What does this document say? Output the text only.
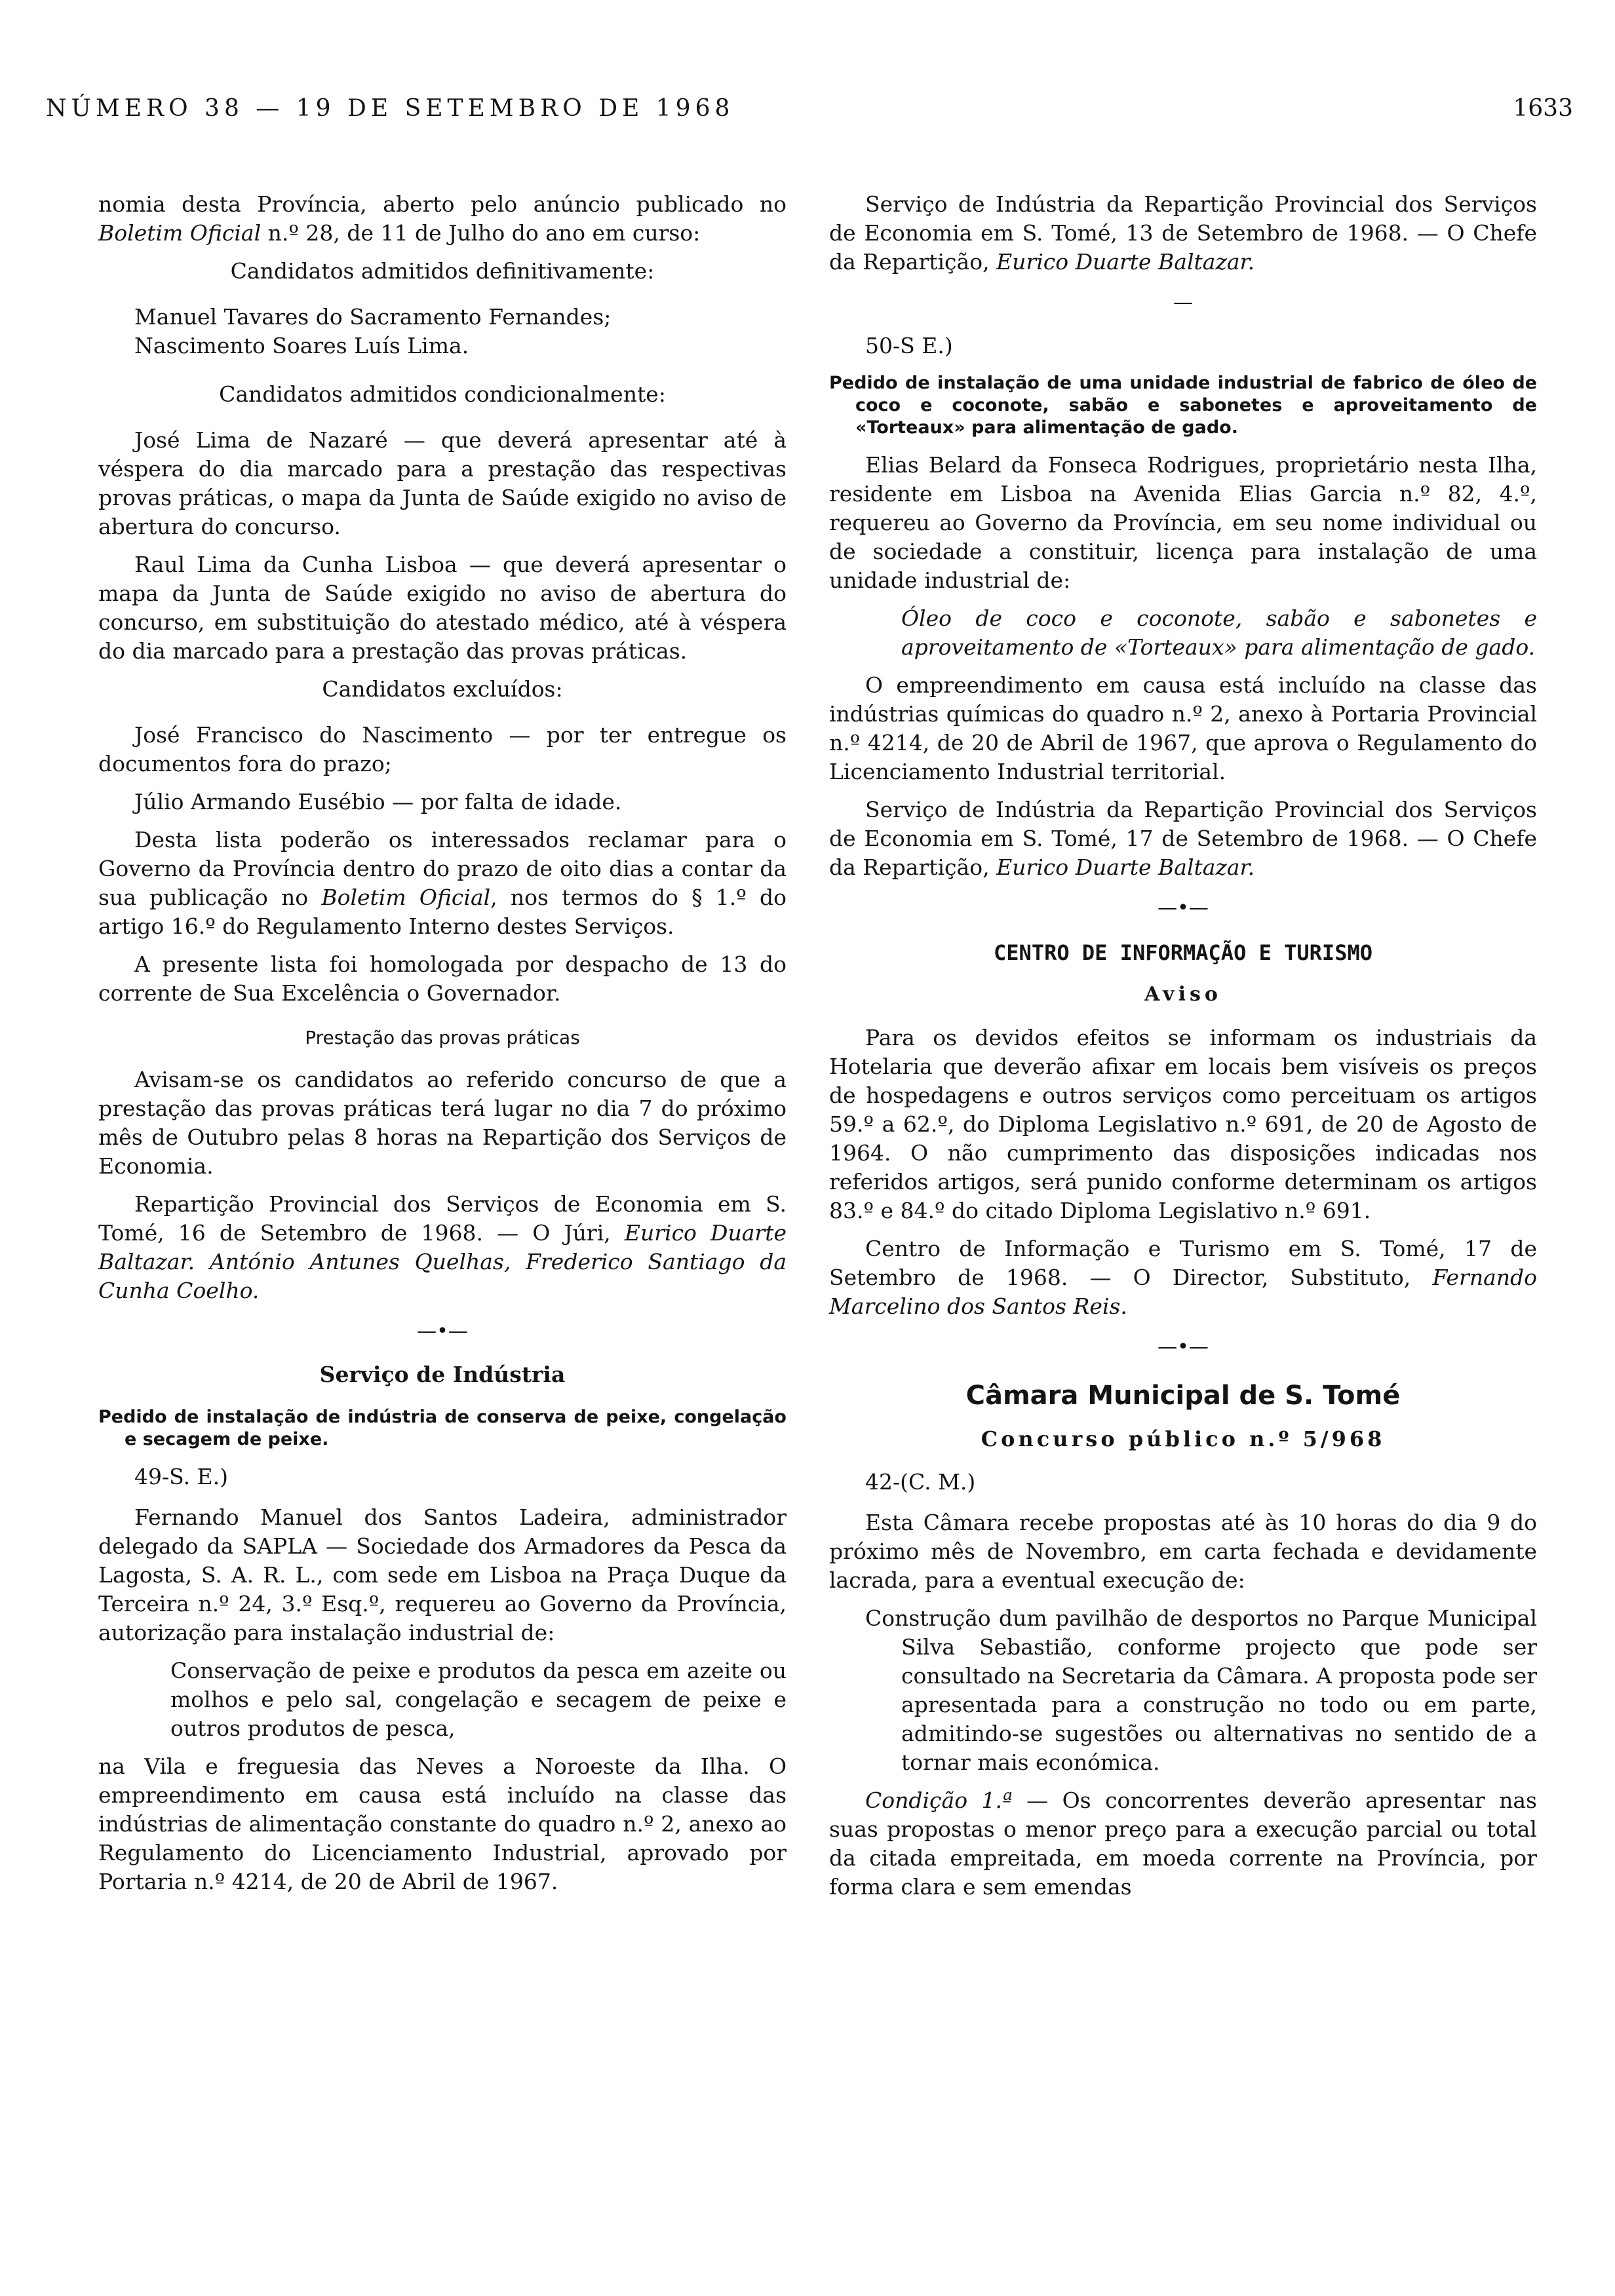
NÚMERO 38 — 19 DE SETEMBRO DE 1968	1633

nomia desta Província, aberto pelo anúncio publicado no Boletim Oficial n.º 28, de 11 de Julho do ano em curso:

Candidatos admitidos definitivamente:

Manuel Tavares do Sacramento Fernandes;

Nascimento Soares Luís Lima.

Candidatos admitidos condicionalmente:

José Lima de Nazaré — que deverá apresentar até à véspera do dia marcado para a prestação das respectivas provas práticas, o mapa da Junta de Saúde exigido no aviso de abertura do concurso.

Raul Lima da Cunha Lisboa — que deverá apresentar o mapa da Junta de Saúde exigido no aviso de abertura do concurso, em substituição do atestado médico, até à véspera do dia marcado para a prestação das provas práticas.

Candidatos excluídos:

José Francisco do Nascimento — por ter entregue os documentos fora do prazo;

Júlio Armando Eusébio — por falta de idade.

Desta lista poderão os interessados reclamar para o Governo da Província dentro do prazo de oito dias a contar da sua publicação no Boletim Oficial, nos termos do § 1.º do artigo 16.º do Regulamento Interno destes Serviços.

A presente lista foi homologada por despacho de 13 do corrente de Sua Excelência o Governador.

Prestação das provas práticas

Avisam-se os candidatos ao referido concurso de que a prestação das provas práticas terá lugar no dia 7 do próximo mês de Outubro pelas 8 horas na Repartição dos Serviços de Economia.

Repartição Provincial dos Serviços de Economia em S. Tomé, 16 de Setembro de 1968. — O Júri, Eurico Duarte Baltazar. António Antunes Quelhas, Frederico Santiago da Cunha Coelho.

—•—

Serviço de Indústria

Pedido de instalação de indústria de conserva de peixe, congelação e secagem de peixe.

49-S. E.)

Fernando Manuel dos Santos Ladeira, administrador delegado da SAPLA — Sociedade dos Armadores da Pesca da Lagosta, S. A. R. L., com sede em Lisboa na Praça Duque da Terceira n.º 24, 3.º Esq.º, requereu ao Governo da Província, autorização para instalação industrial de:

Conservação de peixe e produtos da pesca em azeite ou molhos e pelo sal, congelação e secagem de peixe e outros produtos de pesca,

na Vila e freguesia das Neves a Noroeste da Ilha. O empreendimento em causa está incluído na classe das indústrias de alimentação constante do quadro n.º 2, anexo ao Regulamento do Licenciamento Industrial, aprovado por Portaria n.º 4214, de 20 de Abril de 1967.

Serviço de Indústria da Repartição Provincial dos Serviços de Economia em S. Tomé, 13 de Setembro de 1968. — O Chefe da Repartição, Eurico Duarte Baltazar.

—

50-S E.)

Pedido de instalação de uma unidade industrial de fabrico de óleo de coco e coconote, sabão e sabonetes e aproveitamento de «Torteaux» para alimentação de gado.

Elias Belard da Fonseca Rodrigues, proprietário nesta Ilha, residente em Lisboa na Avenida Elias Garcia n.º 82, 4.º, requereu ao Governo da Província, em seu nome individual ou de sociedade a constituir, licença para instalação de uma unidade industrial de:

Óleo de coco e coconote, sabão e sabonetes e aproveitamento de «Torteaux» para alimentação de gado.

O empreendimento em causa está incluído na classe das indústrias químicas do quadro n.º 2, anexo à Portaria Provincial n.º 4214, de 20 de Abril de 1967, que aprova o Regulamento do Licenciamento Industrial territorial.

Serviço de Indústria da Repartição Provincial dos Serviços de Economia em S. Tomé, 17 de Setembro de 1968. — O Chefe da Repartição, Eurico Duarte Baltazar.

—•—

CENTRO DE INFORMAÇÃO E TURISMO

Aviso

Para os devidos efeitos se informam os industriais da Hotelaria que deverão afixar em locais bem visíveis os preços de hospedagens e outros serviços como perceituam os artigos 59.º a 62.º, do Diploma Legislativo n.º 691, de 20 de Agosto de 1964. O não cumprimento das disposições indicadas nos referidos artigos, será punido conforme determinam os artigos 83.º e 84.º do citado Diploma Legislativo n.º 691.

Centro de Informação e Turismo em S. Tomé, 17 de Setembro de 1968. — O Director, Substituto, Fernando Marcelino dos Santos Reis.

—•—

Câmara Municipal de S. Tomé

Concurso público n.º 5/968

42-(C. M.)

Esta Câmara recebe propostas até às 10 horas do dia 9 do próximo mês de Novembro, em carta fechada e devidamente lacrada, para a eventual execução de:

Construção dum pavilhão de desportos no Parque Municipal Silva Sebastião, conforme projecto que pode ser consultado na Secretaria da Câmara. A proposta pode ser apresentada para a construção no todo ou em parte, admitindo-se sugestões ou alternativas no sentido de a tornar mais económica.

Condição 1.ª — Os concorrentes deverão apresentar nas suas propostas o menor preço para a execução parcial ou total da citada empreitada, em moeda corrente na Província, por forma clara e sem emendas
